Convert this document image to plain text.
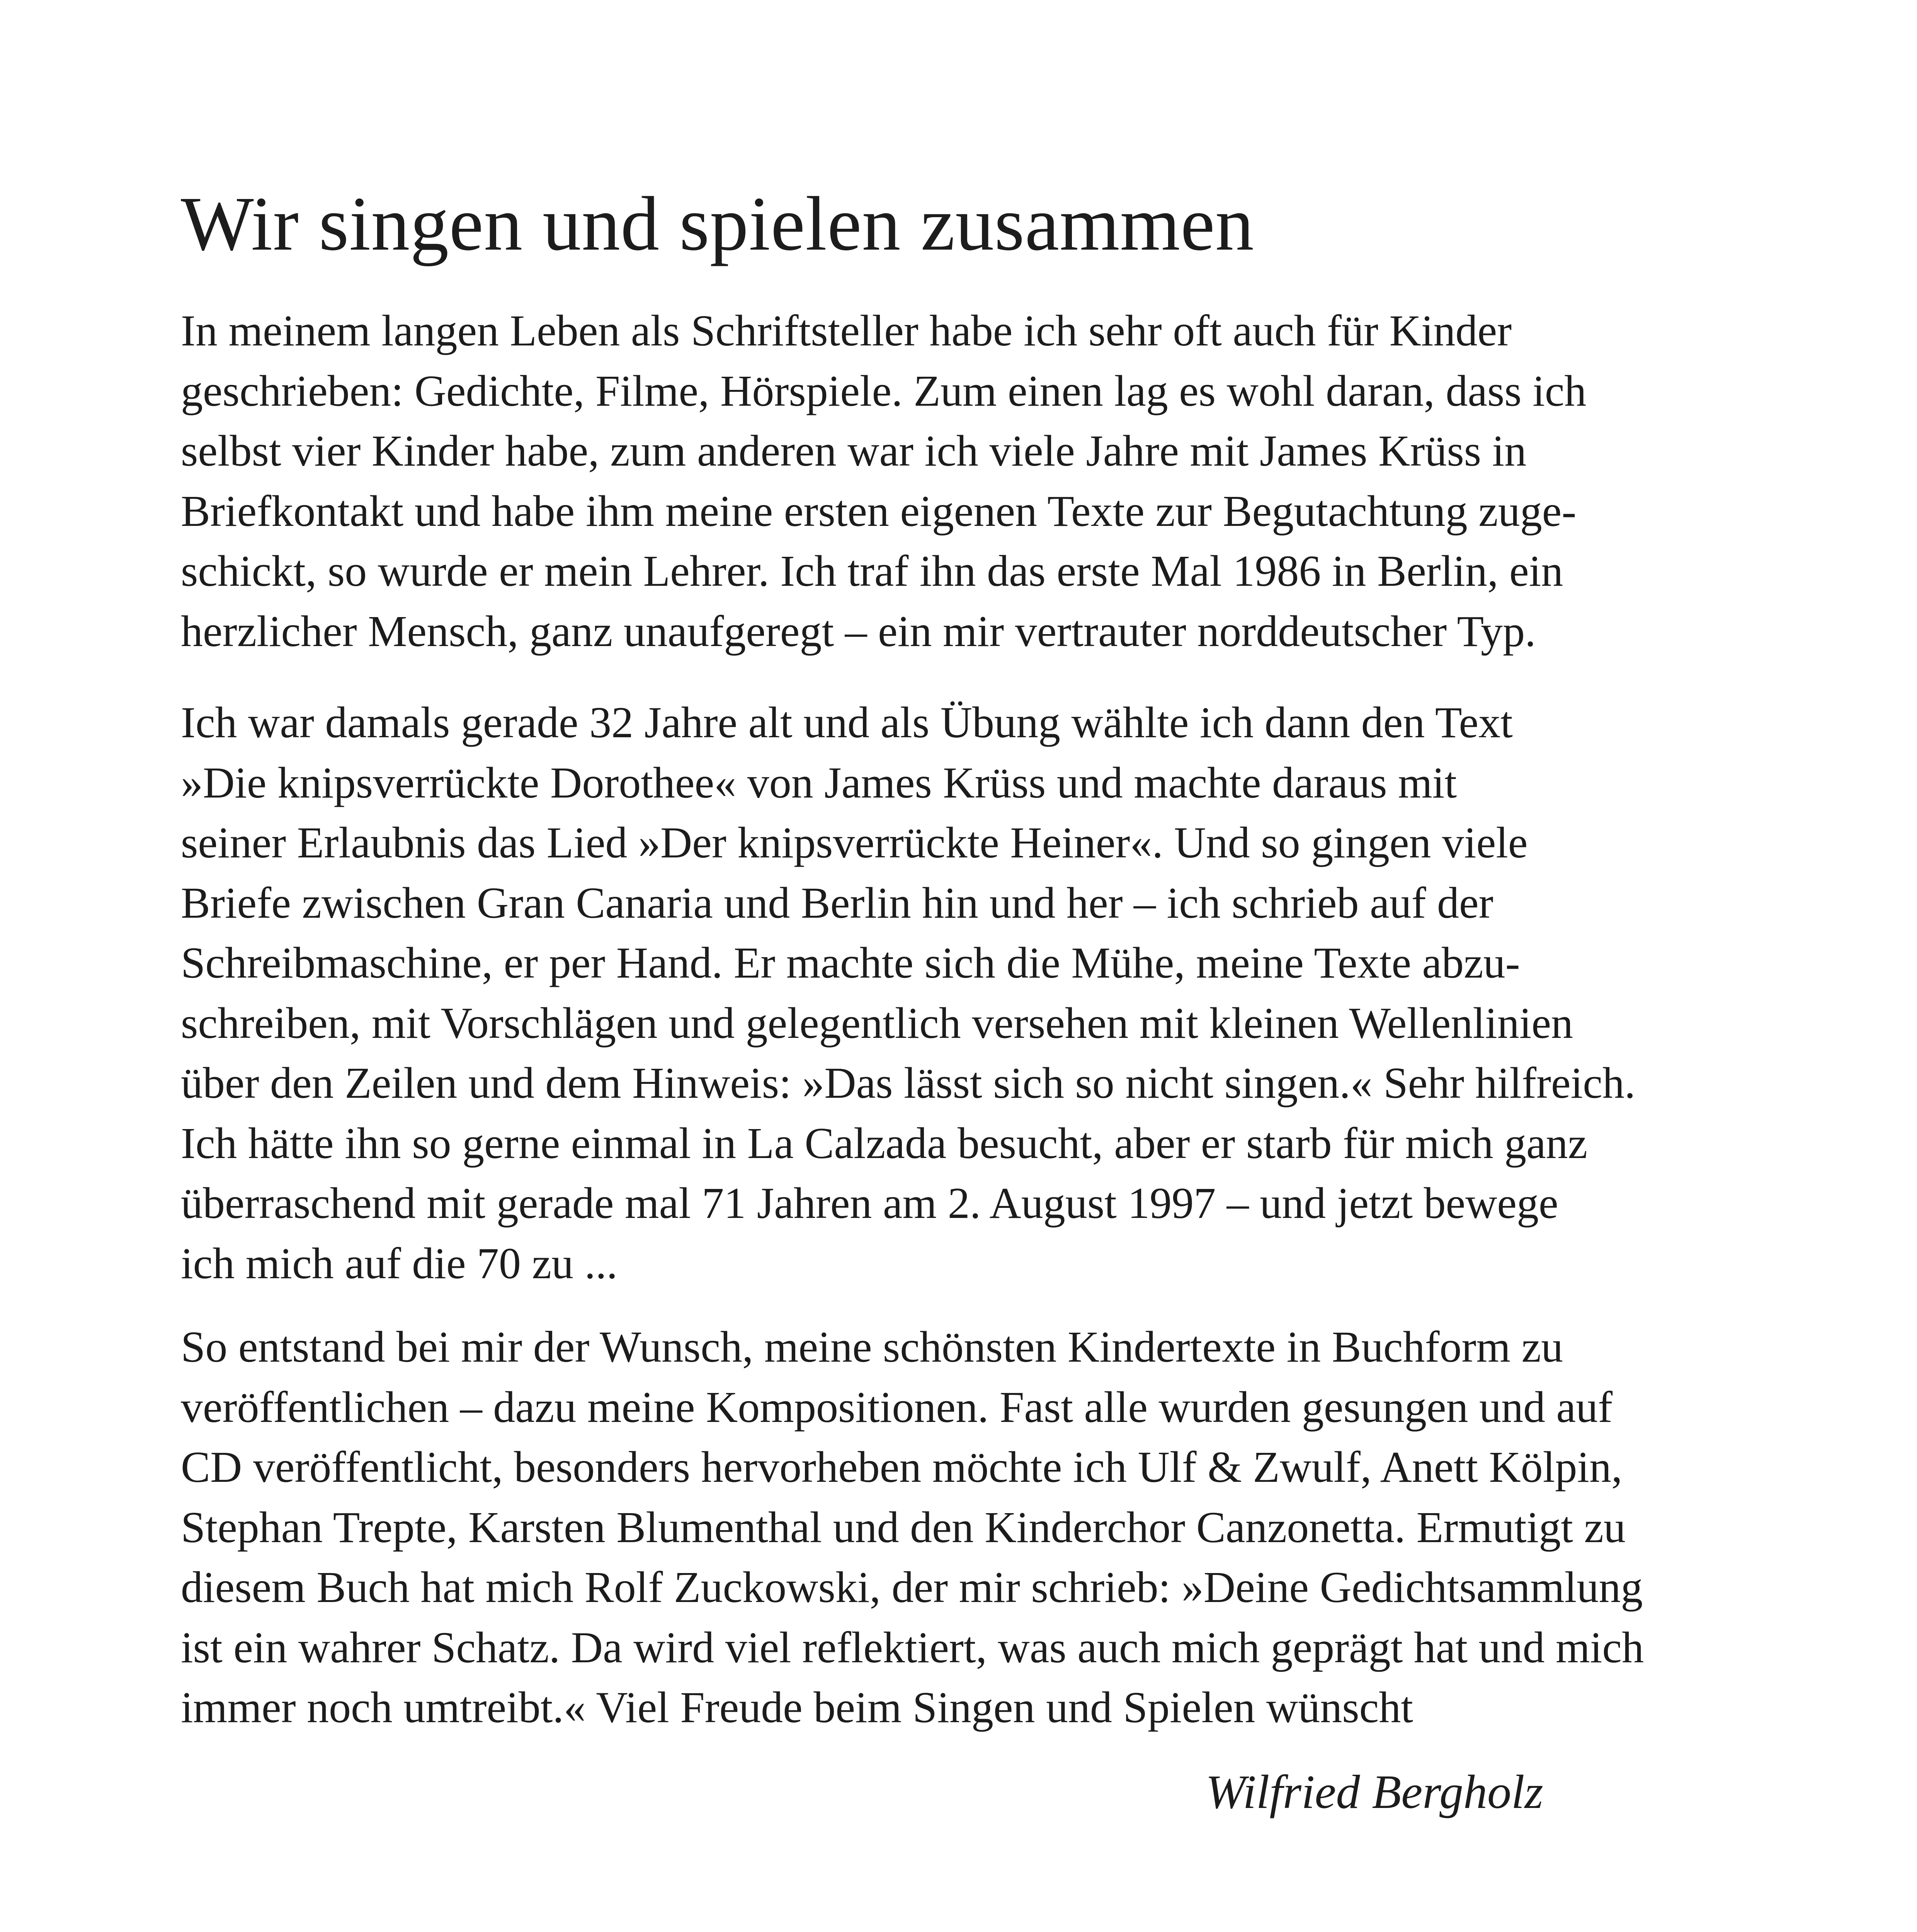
Wir singen und spielen zusammen

In meinem langen Leben als Schriftsteller habe ich sehr oft auch für Kinder
geschrieben: Gedichte, Filme, Hörspiele. Zum einen lag es wohl daran, dass ich
selbst vier Kinder habe, zum anderen war ich viele Jahre mit James Krüss in
Briefkontakt und habe ihm meine ersten eigenen Texte zur Begutachtung zuge-
schickt, so wurde er mein Lehrer. Ich traf ihn das erste Mal 1986 in Berlin, ein
herzlicher Mensch, ganz unaufgeregt – ein mir vertrauter norddeutscher Typ.

Ich war damals gerade 32 Jahre alt und als Übung wählte ich dann den Text
»Die knipsverrückte Dorothee« von James Krüss und machte daraus mit
seiner Erlaubnis das Lied »Der knipsverrückte Heiner«. Und so gingen viele
Briefe zwischen Gran Canaria und Berlin hin und her – ich schrieb auf der
Schreibmaschine, er per Hand. Er machte sich die Mühe, meine Texte abzu-
schreiben, mit Vorschlägen und gelegentlich versehen mit kleinen Wellenlinien
über den Zeilen und dem Hinweis: »Das lässt sich so nicht singen.« Sehr hilfreich.
Ich hätte ihn so gerne einmal in La Calzada besucht, aber er starb für mich ganz
überraschend mit gerade mal 71 Jahren am 2. August 1997 – und jetzt bewege
ich mich auf die 70 zu ...

So entstand bei mir der Wunsch, meine schönsten Kindertexte in Buchform zu
veröffentlichen – dazu meine Kompositionen. Fast alle wurden gesungen und auf
CD veröffentlicht, besonders hervorheben möchte ich Ulf & Zwulf, Anett Kölpin,
Stephan Trepte, Karsten Blumenthal und den Kinderchor Canzonetta. Ermutigt zu
diesem Buch hat mich Rolf Zuckowski, der mir schrieb: »Deine Gedichtsammlung
ist ein wahrer Schatz. Da wird viel reflektiert, was auch mich geprägt hat und mich
immer noch umtreibt.« Viel Freude beim Singen und Spielen wünscht

Wilfried Bergholz
